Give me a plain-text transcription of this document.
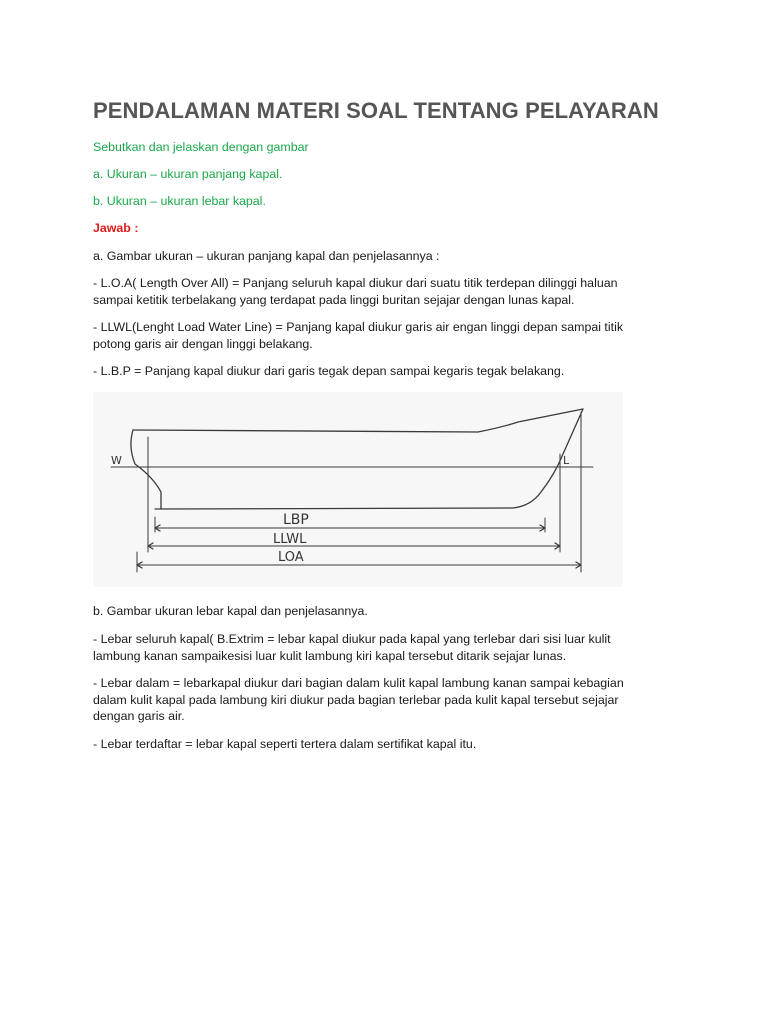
PENDALAMAN MATERI SOAL TENTANG PELAYARAN

Sebutkan dan jelaskan dengan gambar

a. Ukuran – ukuran panjang kapal.

b. Ukuran – ukuran lebar kapal.

Jawab :

a. Gambar ukuran – ukuran panjang kapal dan penjelasannya :

- L.O.A( Length Over All) = Panjang seluruh kapal diukur dari suatu titik terdepan dilinggi haluan sampai ketitik terbelakang yang terdapat pada linggi buritan sejajar dengan lunas kapal.

- LLWL(Lenght Load Water Line) = Panjang kapal diukur garis air engan linggi depan sampai titik potong garis air dengan linggi belakang.

- L.B.P = Panjang kapal diukur dari garis tegak depan sampai kegaris tegak belakang.

b. Gambar ukuran lebar kapal dan penjelasannya.

- Lebar seluruh kapal( B.Extrim = lebar kapal diukur pada kapal yang terlebar dari sisi luar kulit lambung kanan sampaikesisi luar kulit lambung kiri kapal tersebut ditarik sejajar lunas.

- Lebar dalam = lebarkapal diukur dari bagian dalam kulit kapal lambung kanan sampai kebagian dalam kulit kapal pada lambung kiri diukur pada bagian terlebar pada kulit kapal tersebut sejajar dengan garis air.

- Lebar terdaftar = lebar kapal seperti tertera dalam sertifikat kapal itu.

W	L
LBP
LLWL
LOA
